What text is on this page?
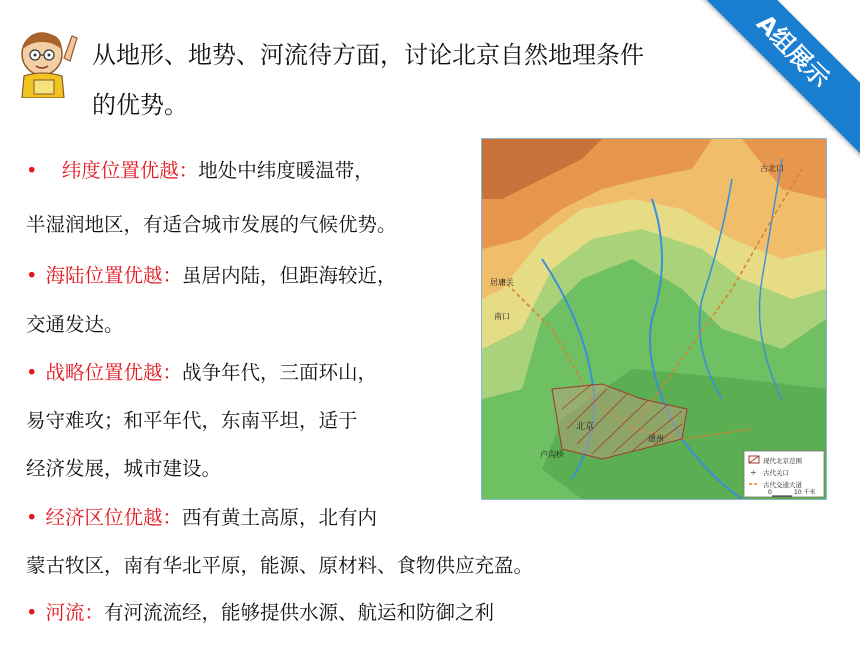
从地形、地势、河流待方面，讨论北京自然地理条件
的优势。
A组展示
• 纬度位置优越：地处中纬度暖温带，
半湿润地区，有适合城市发展的气候优势。
• 海陆位置优越：虽居内陆，但距海较近，
交通发达。
• 战略位置优越：战争年代，三面环山，
易守难攻；和平年代，东南平坦，适于
经济发展，城市建设。
• 经济区位优越：西有黄土高原，北有内
蒙古牧区，南有华北平原，能源、原材料、食物供应充盈。
• 河流：有河流流经，能够提供水源、航运和防御之利
古北口
居庸关
南口
北京
通州
卢沟桥
现代北京范围
÷ 古代关口
古代交通大道
0	10 千米
